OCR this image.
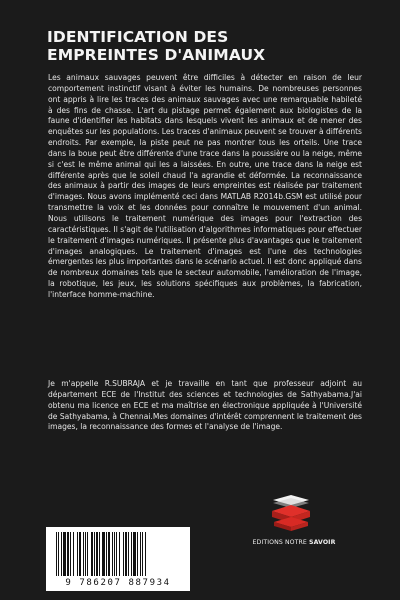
IDENTIFICATION DES
EMPREINTES D'ANIMAUX

Les animaux sauvages peuvent être difficiles à détecter en raison de leur comportement instinctif visant à éviter les humains. De nombreuses personnes ont appris à lire les traces des animaux sauvages avec une remarquable habileté à des fins de chasse. L'art du pistage permet également aux biologistes de la faune d'identifier les habitats dans lesquels vivent les animaux et de mener des enquêtes sur les populations. Les traces d'animaux peuvent se trouver à différents endroits. Par exemple, la piste peut ne pas montrer tous les orteils. Une trace dans la boue peut être différente d'une trace dans la poussière ou la neige, même si c'est le même animal qui les a laissées. En outre, une trace dans la neige est différente après que le soleil chaud l'a agrandie et déformée. La reconnaissance des animaux à partir des images de leurs empreintes est réalisée par traitement d'images. Nous avons implémenté ceci dans MATLAB R2014b.GSM est utilisé pour transmettre la voix et les données pour connaître le mouvement d'un animal. Nous utilisons le traitement numérique des images pour l'extraction des caractéristiques. Il s'agit de l'utilisation d'algorithmes informatiques pour effectuer le traitement d'images numériques. Il présente plus d'avantages que le traitement d'images analogiques. Le traitement d'images est l'une des technologies émergentes les plus importantes dans le scénario actuel. Il est donc appliqué dans de nombreux domaines tels que le secteur automobile, l'amélioration de l'image, la robotique, les jeux, les solutions spécifiques aux problèmes, la fabrication, l'interface homme-machine.

Je m'appelle R.SUBRAJA et je travaille en tant que professeur adjoint au département ECE de l'Institut des sciences et technologies de Sathyabama.J'ai obtenu ma licence en ECE et ma maîtrise en électronique appliquée à l'Université de Sathyabama, à Chennai.Mes domaines d'intérêt comprennent le traitement des images, la reconnaissance des formes et l'analyse de l'image.

EDITIONS NOTRE SAVOIR
9 786207 887934
